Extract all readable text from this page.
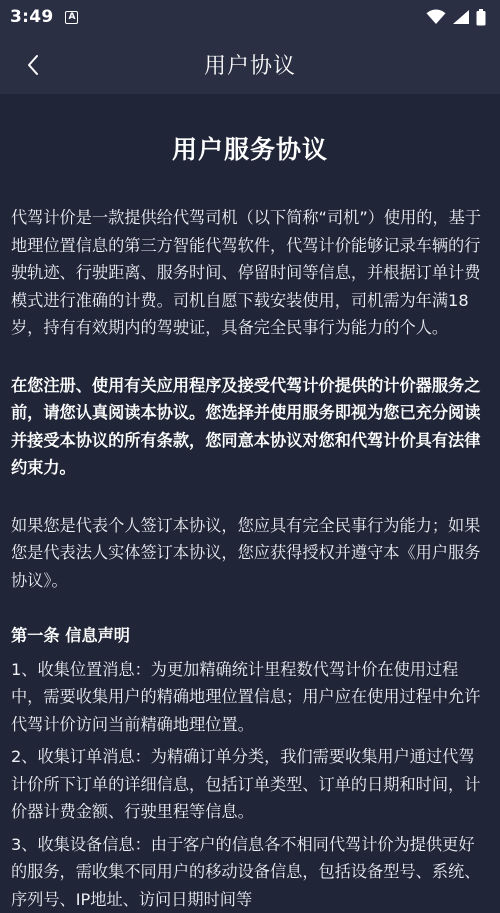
3:49	A
用户协议
用户服务协议

代驾计价是一款提供给代驾司机（以下简称“司机”）使用的，基于地理位置信息的第三方智能代驾软件，代驾计价能够记录车辆的行驶轨迹、行驶距离、服务时间、停留时间等信息，并根据订单计费模式进行准确的计费。司机自愿下载安装使用，司机需为年满18岁，持有有效期内的驾驶证，具备完全民事行为能力的个人。

在您注册、使用有关应用程序及接受代驾计价提供的计价器服务之前，请您认真阅读本协议。您选择并使用服务即视为您已充分阅读并接受本协议的所有条款，您同意本协议对您和代驾计价具有法律约束力。

如果您是代表个人签订本协议，您应具有完全民事行为能力；如果您是代表法人实体签订本协议，您应获得授权并遵守本《用户服务协议》。

第一条 信息声明

1、收集位置消息：为更加精确统计里程数代驾计价在使用过程中，需要收集用户的精确地理位置信息；用户应在使用过程中允许代驾计价访问当前精确地理位置。

2、收集订单消息：为精确订单分类，我们需要收集用户通过代驾计价所下订单的详细信息，包括订单类型、订单的日期和时间，计价器计费金额、行驶里程等信息。

3、收集设备信息：由于客户的信息各不相同代驾计价为提供更好的服务，需收集不同用户的移动设备信息，包括设备型号、系统、序列号、IP地址、访问日期时间等
